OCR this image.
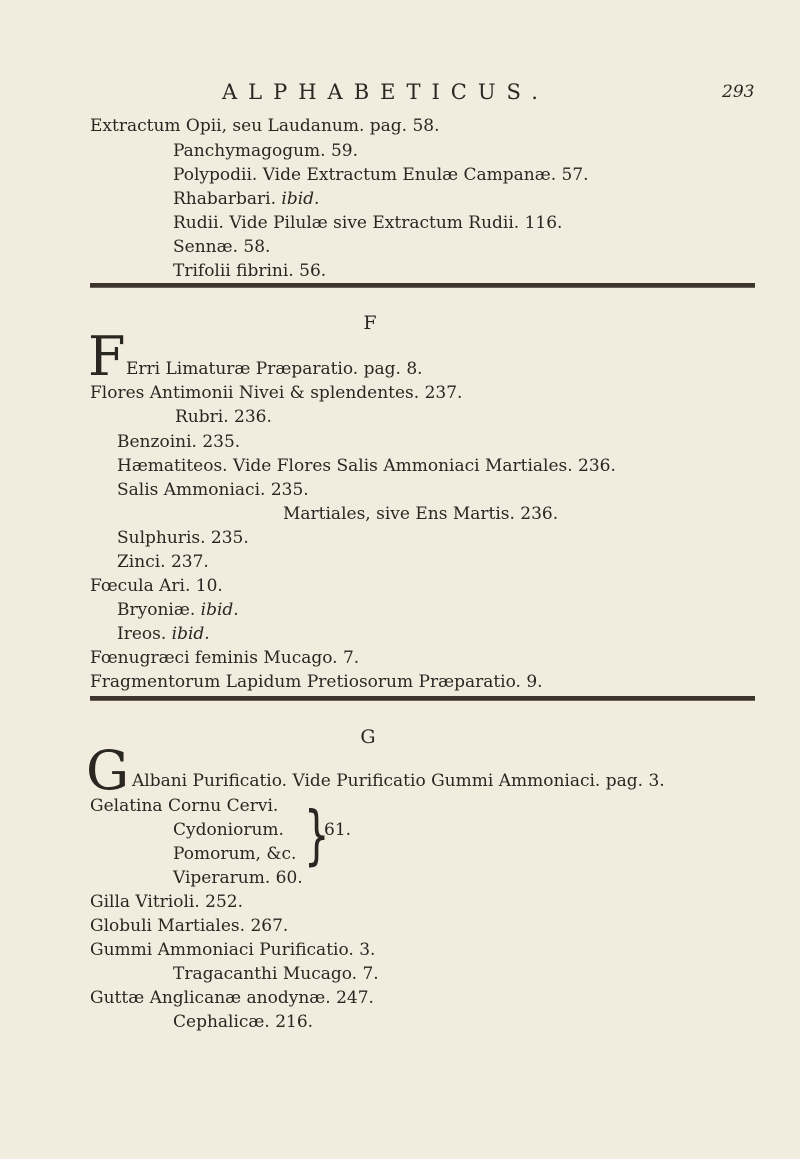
ALPHABETICUS.	293
Extractum Opii, seu Laudanum. pag. 58.
Panchymagogum. 59.
Polypodii. Vide Extractum Enulæ Campanæ. 57.
Rhabarbari. ibid.
Rudii. Vide Pilulæ sive Extractum Rudii. 116.
Sennæ. 58.
Trifolii fibrini. 56.
F
F Erri Limaturæ Præparatio. pag. 8.
Flores Antimonii Nivei & splendentes. 237.
Rubri. 236.
Benzoini. 235.
Hæmatiteos. Vide Flores Salis Ammoniaci Martiales. 236.
Salis Ammoniaci. 235.
Martiales, sive Ens Martis. 236.
Sulphuris. 235.
Zinci. 237.
Fœcula Ari. 10.
Bryoniæ. ibid.
Ireos. ibid.
Fœnugræci feminis Mucago. 7.
Fragmentorum Lapidum Pretiosorum Præparatio. 9.
G
G Albani Purificatio. Vide Purificatio Gummi Ammoniaci. pag. 3.
Gelatina Cornu Cervi.
Cydoniorum.
Pomorum, &c. }
61.
Viperarum. 60.
Gilla Vitrioli. 252.
Globuli Martiales. 267.
Gummi Ammoniaci Purificatio. 3.
Tragacanthi Mucago. 7.
Guttæ Anglicanæ anodynæ. 247.
Cephalicæ. 216.
